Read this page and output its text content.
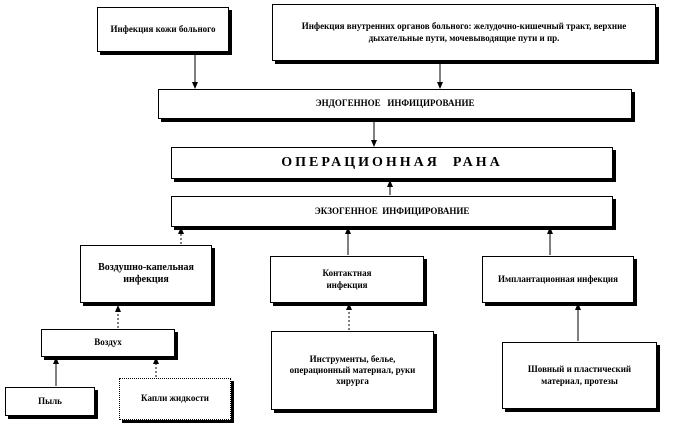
Инфекция кожи больного	Инфекция внутренних органов больного: желудочно-кишечный тракт, верхние дыхательные пути, мочевыводящие пути и пр.
ЭНДОГЕННОЕ   ИНФИЦИРОВАНИЕ
ОПЕРАЦИОННАЯ  РАНА
ЭКЗОГЕННОЕ  ИНФИЦИРОВАНИЕ
Воздушно-капельная инфекция
Контактная инфекция
Имплантационная инфекция
Воздух
Инструменты, белье, операционный материал, руки хирурга
Шовный и пластический материал, протезы
Пыль	Капли жидкости
